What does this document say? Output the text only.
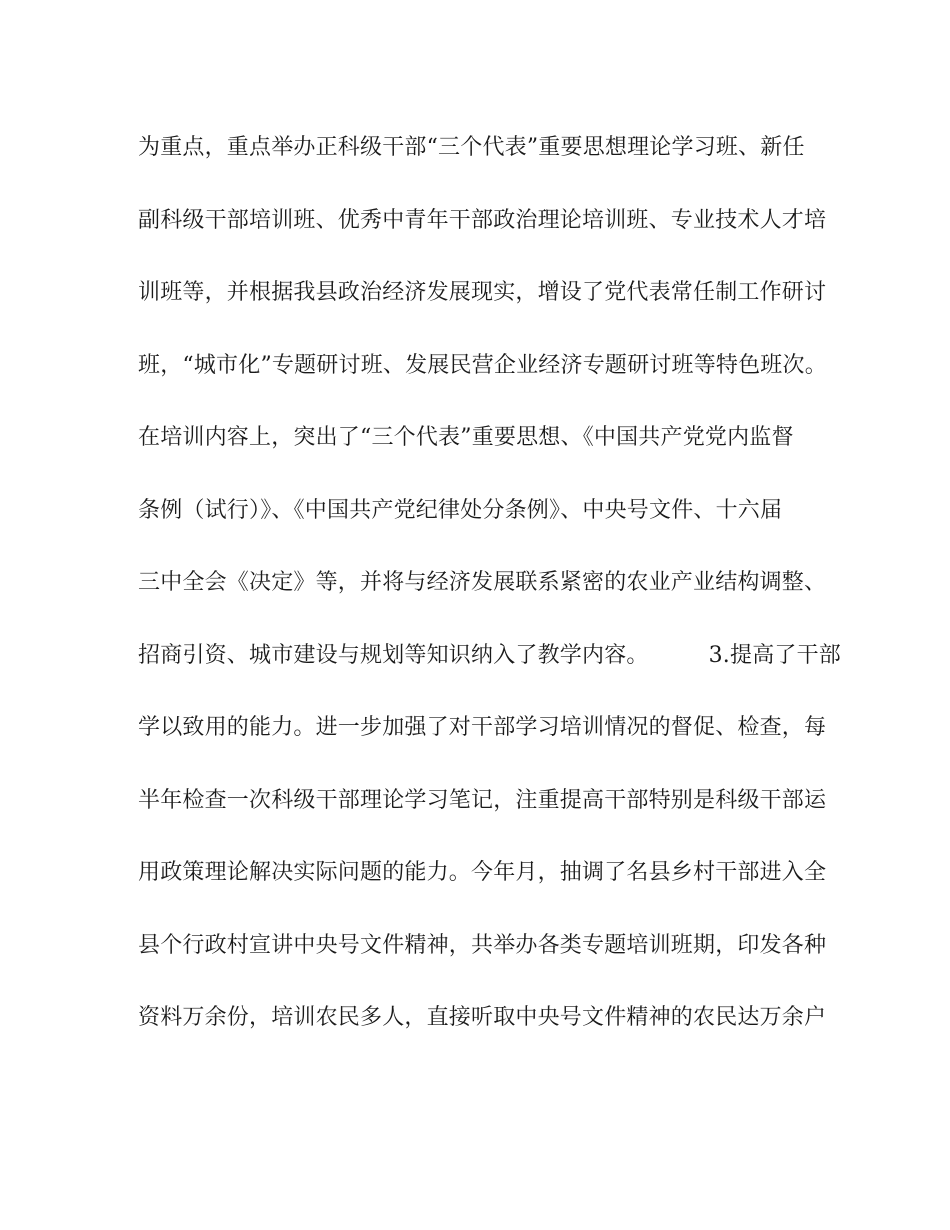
为重点，重点举办正科级干部“三个代表”重要思想理论学习班、新任
副科级干部培训班、优秀中青年干部政治理论培训班、专业技术人才培
训班等，并根据我县政治经济发展现实，增设了党代表常任制工作研讨
班，“城市化”专题研讨班、发展民营企业经济专题研讨班等特色班次。
在培训内容上，突出了“三个代表”重要思想、《中国共产党党内监督
条例（试行）》、《中国共产党纪律处分条例》、中央号文件、十六届
三中全会《决定》等，并将与经济发展联系紧密的农业产业结构调整、
招商引资、城市建设与规划等知识纳入了教学内容。	3.提高了干部
学以致用的能力。进一步加强了对干部学习培训情况的督促、检查，每
半年检查一次科级干部理论学习笔记，注重提高干部特别是科级干部运
用政策理论解决实际问题的能力。今年月，抽调了名县乡村干部进入全
县个行政村宣讲中央号文件精神，共举办各类专题培训班期，印发各种
资料万余份，培训农民多人，直接听取中央号文件精神的农民达万余户
